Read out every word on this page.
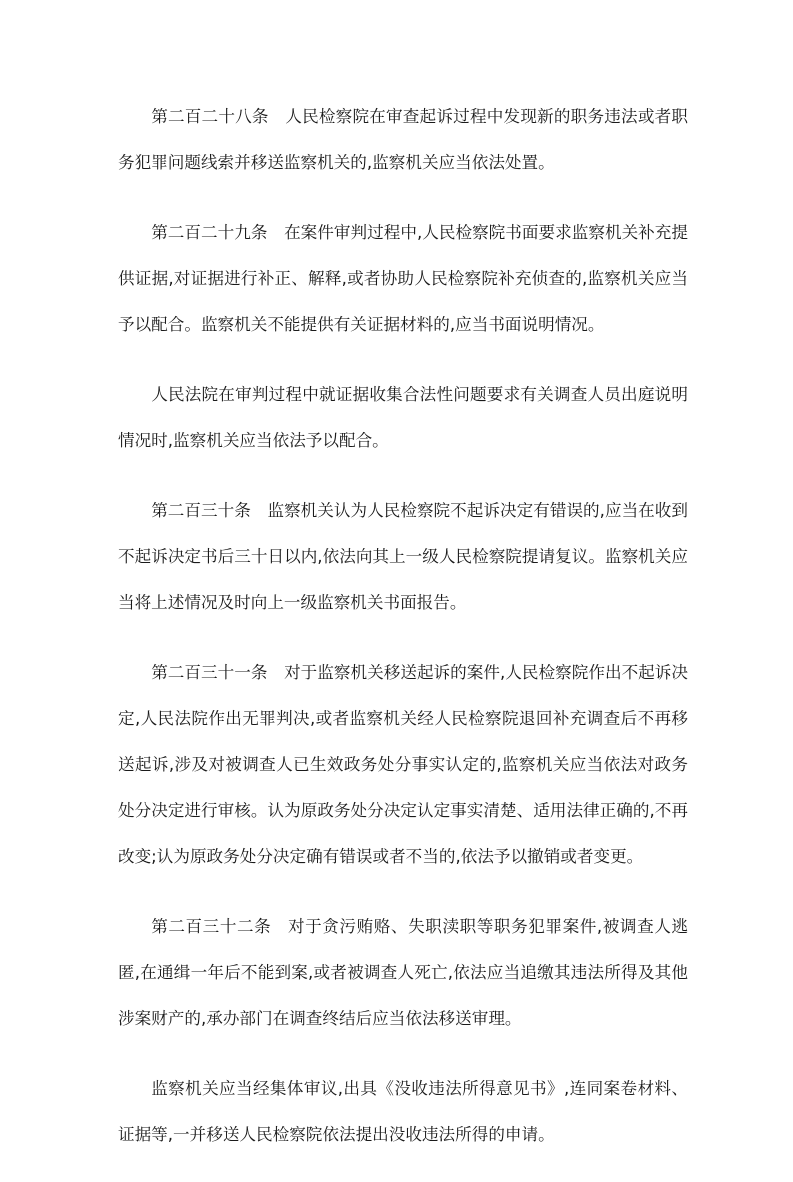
第二百二十八条 人民检察院在审查起诉过程中发现新的职务违法或者职务犯罪问题线索并移送监察机关的,监察机关应当依法处置。

第二百二十九条 在案件审判过程中,人民检察院书面要求监察机关补充提供证据,对证据进行补正、解释,或者协助人民检察院补充侦查的,监察机关应当予以配合。监察机关不能提供有关证据材料的,应当书面说明情况。

人民法院在审判过程中就证据收集合法性问题要求有关调查人员出庭说明情况时,监察机关应当依法予以配合。

第二百三十条 监察机关认为人民检察院不起诉决定有错误的,应当在收到不起诉决定书后三十日以内,依法向其上一级人民检察院提请复议。监察机关应当将上述情况及时向上一级监察机关书面报告。

第二百三十一条 对于监察机关移送起诉的案件,人民检察院作出不起诉决定,人民法院作出无罪判决,或者监察机关经人民检察院退回补充调查后不再移送起诉,涉及对被调查人已生效政务处分事实认定的,监察机关应当依法对政务处分决定进行审核。认为原政务处分决定认定事实清楚、适用法律正确的,不再改变;认为原政务处分决定确有错误或者不当的,依法予以撤销或者变更。

第二百三十二条 对于贪污贿赂、失职渎职等职务犯罪案件,被调查人逃匿,在通缉一年后不能到案,或者被调查人死亡,依法应当追缴其违法所得及其他涉案财产的,承办部门在调查终结后应当依法移送审理。

监察机关应当经集体审议,出具《没收违法所得意见书》,连同案卷材料、证据等,一并移送人民检察院依法提出没收违法所得的申请。
